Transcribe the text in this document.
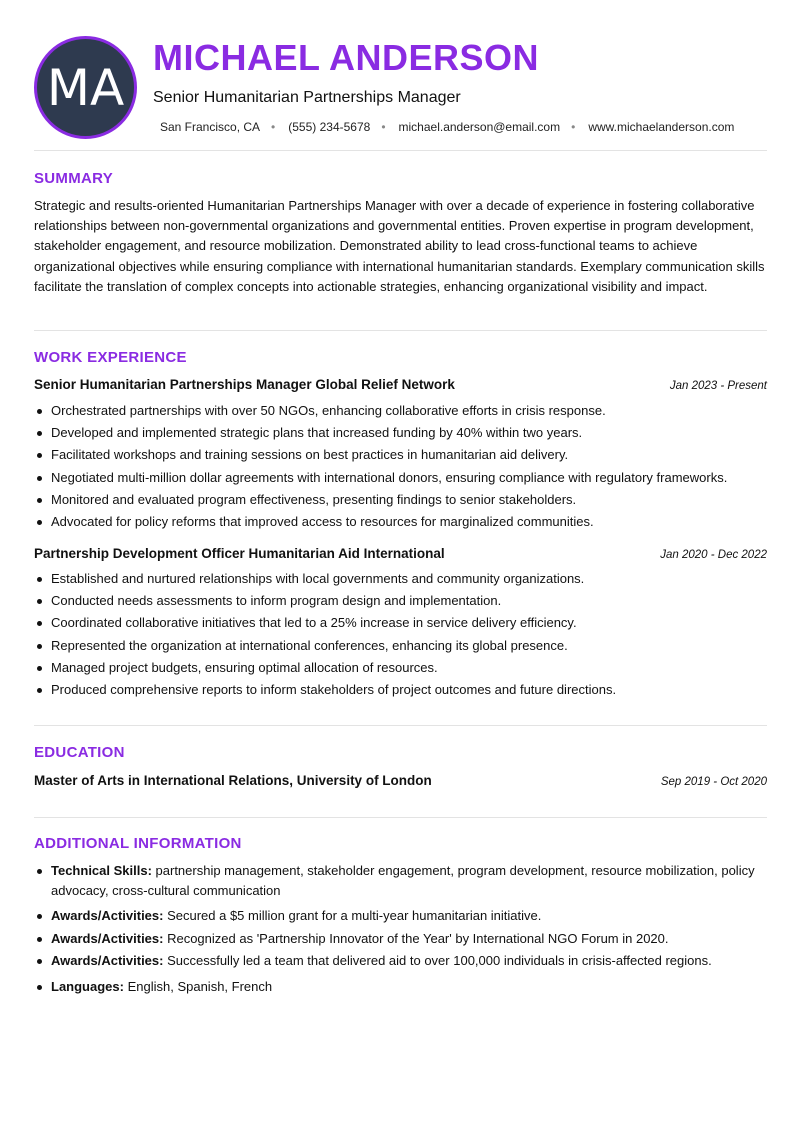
MA
MICHAEL ANDERSON
Senior Humanitarian Partnerships Manager
San Francisco, CA • (555) 234-5678 • michael.anderson@email.com • www.michaelanderson.com
SUMMARY
Strategic and results-oriented Humanitarian Partnerships Manager with over a decade of experience in fostering collaborative relationships between non-governmental organizations and governmental entities. Proven expertise in program development, stakeholder engagement, and resource mobilization. Demonstrated ability to lead cross-functional teams to achieve organizational objectives while ensuring compliance with international humanitarian standards. Exemplary communication skills facilitate the translation of complex concepts into actionable strategies, enhancing organizational visibility and impact.
WORK EXPERIENCE
Senior Humanitarian Partnerships Manager Global Relief Network	Jan 2023 - Present
Orchestrated partnerships with over 50 NGOs, enhancing collaborative efforts in crisis response.
Developed and implemented strategic plans that increased funding by 40% within two years.
Facilitated workshops and training sessions on best practices in humanitarian aid delivery.
Negotiated multi-million dollar agreements with international donors, ensuring compliance with regulatory frameworks.
Monitored and evaluated program effectiveness, presenting findings to senior stakeholders.
Advocated for policy reforms that improved access to resources for marginalized communities.
Partnership Development Officer Humanitarian Aid International	Jan 2020 - Dec 2022
Established and nurtured relationships with local governments and community organizations.
Conducted needs assessments to inform program design and implementation.
Coordinated collaborative initiatives that led to a 25% increase in service delivery efficiency.
Represented the organization at international conferences, enhancing its global presence.
Managed project budgets, ensuring optimal allocation of resources.
Produced comprehensive reports to inform stakeholders of project outcomes and future directions.
EDUCATION
Master of Arts in International Relations, University of London	Sep 2019 - Oct 2020
ADDITIONAL INFORMATION
Technical Skills: partnership management, stakeholder engagement, program development, resource mobilization, policy advocacy, cross-cultural communication
Awards/Activities: Secured a $5 million grant for a multi-year humanitarian initiative.
Awards/Activities: Recognized as 'Partnership Innovator of the Year' by International NGO Forum in 2020.
Awards/Activities: Successfully led a team that delivered aid to over 100,000 individuals in crisis-affected regions.
Languages: English, Spanish, French
